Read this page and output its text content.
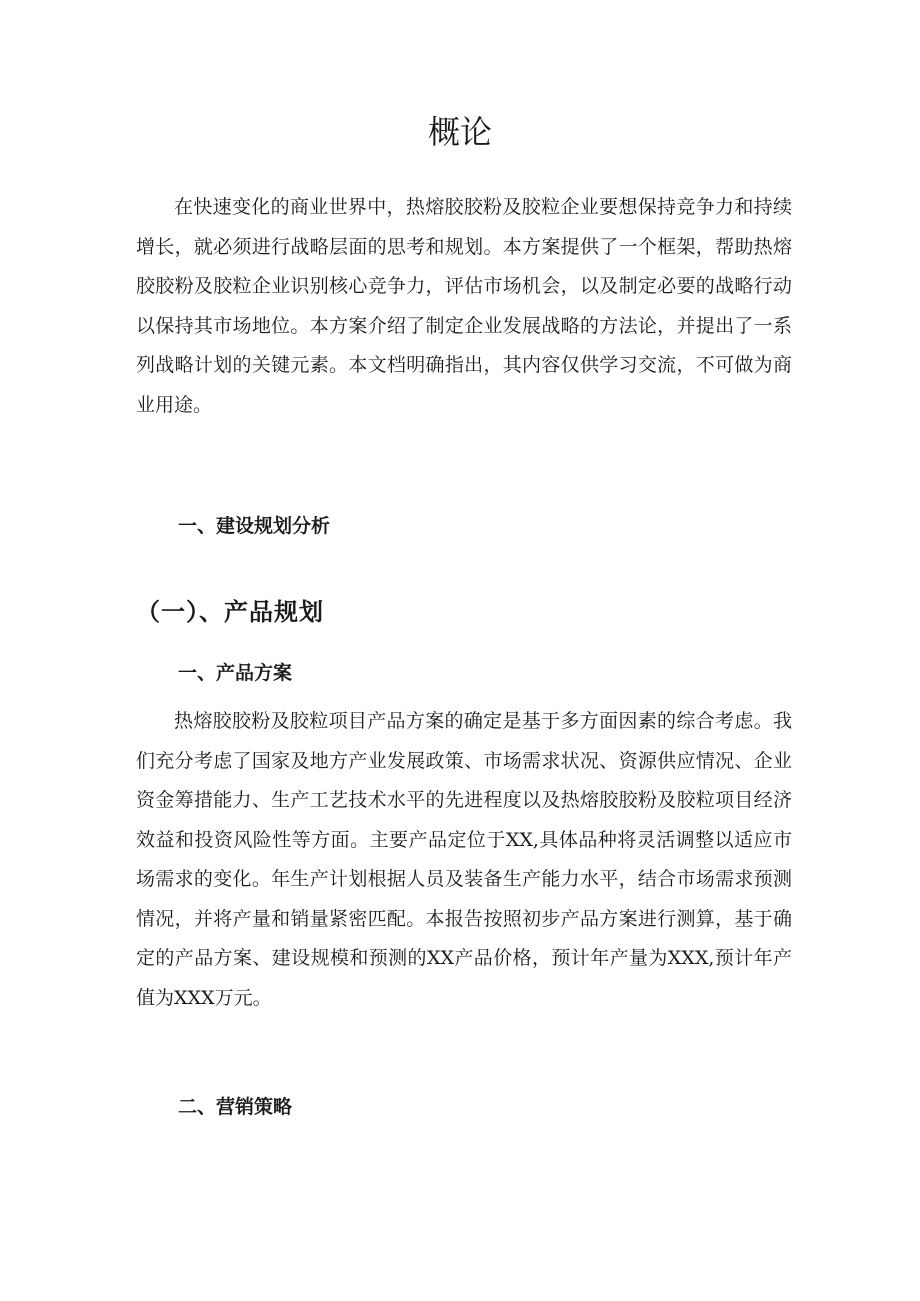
概论

在快速变化的商业世界中，热熔胶胶粉及胶粒企业要想保持竞争力和持续增长，就必须进行战略层面的思考和规划。本方案提供了一个框架，帮助热熔胶胶粉及胶粒企业识别核心竞争力，评估市场机会，以及制定必要的战略行动以保持其市场地位。本方案介绍了制定企业发展战略的方法论，并提出了一系列战略计划的关键元素。本文档明确指出，其内容仅供学习交流，不可做为商业用途。

一、建设规划分析
（一）、产品规划
一、产品方案

热熔胶胶粉及胶粒项目产品方案的确定是基于多方面因素的综合考虑。我们充分考虑了国家及地方产业发展政策、市场需求状况、资源供应情况、企业资金筹措能力、生产工艺技术水平的先进程度以及热熔胶胶粉及胶粒项目经济效益和投资风险性等方面。主要产品定位于XX,具体品种将灵活调整以适应市场需求的变化。年生产计划根据人员及装备生产能力水平，结合市场需求预测情况，并将产量和销量紧密匹配。本报告按照初步产品方案进行测算，基于确定的产品方案、建设规模和预测的XX产品价格，预计年产量为XXX,预计年产值为XXX万元。

二、营销策略
